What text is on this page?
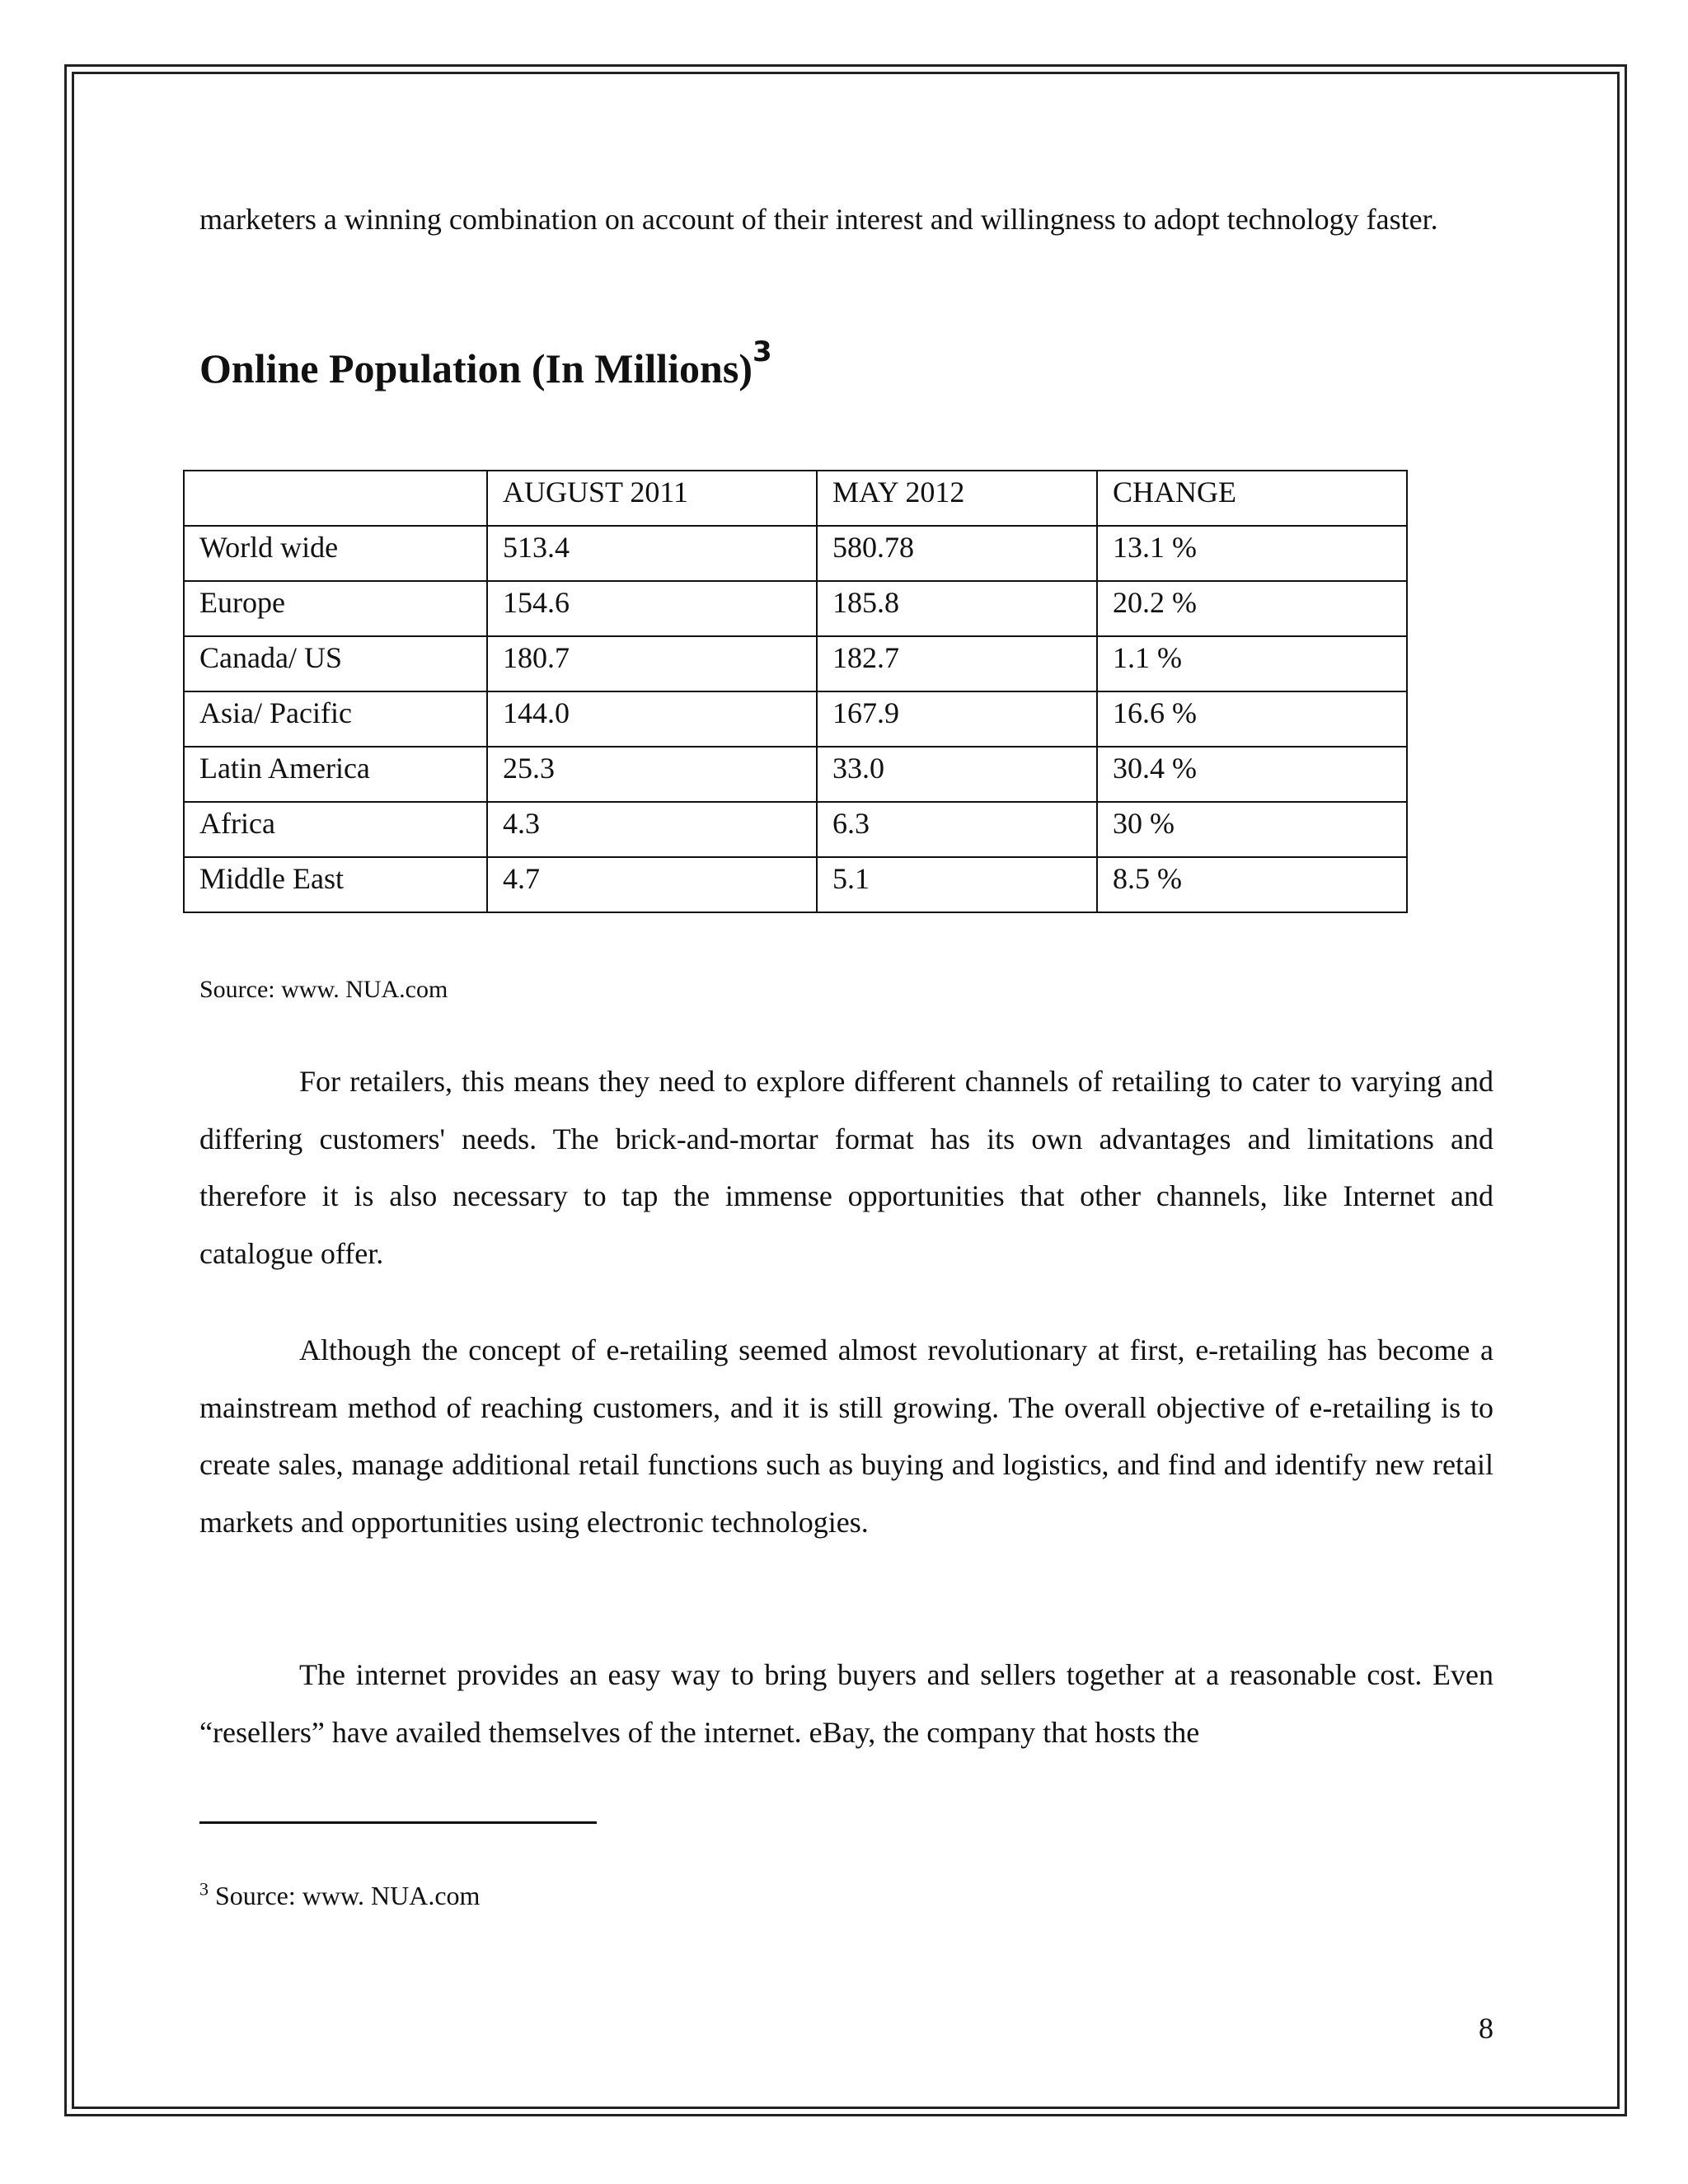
marketers a winning combination on account of their interest and willingness to adopt technology faster.

Online Population (In Millions)$^3$
	AUGUST 2011	MAY 2012	CHANGE
World wide	513.4	580.78	13.1 %
Europe	154.6	185.8	20.2 %
Canada/ US	180.7	182.7	1.1 %
Asia/ Pacific	144.0	167.9	16.6 %
Latin America	25.3	33.0	30.4 %
Africa	4.3	6.3	30 %
Middle East	4.7	5.1	8.5 %

Source: www. NUA.com

For retailers, this means they need to explore different channels of retailing to cater to varying and differing customers' needs. The brick-and-mortar format has its own advantages and limitations and therefore it is also necessary to tap the immense opportunities that other channels, like Internet and catalogue offer.

Although the concept of e-retailing seemed almost revolutionary at first, e-retailing has become a mainstream method of reaching customers, and it is still growing. The overall objective of e-retailing is to create sales, manage additional retail functions such as buying and logistics, and find and identify new retail markets and opportunities using electronic technologies.

The internet provides an easy way to bring buyers and sellers together at a reasonable cost. Even “resellers” have availed themselves of the internet. eBay, the company that hosts the

$^3$ Source: www. NUA.com

8
